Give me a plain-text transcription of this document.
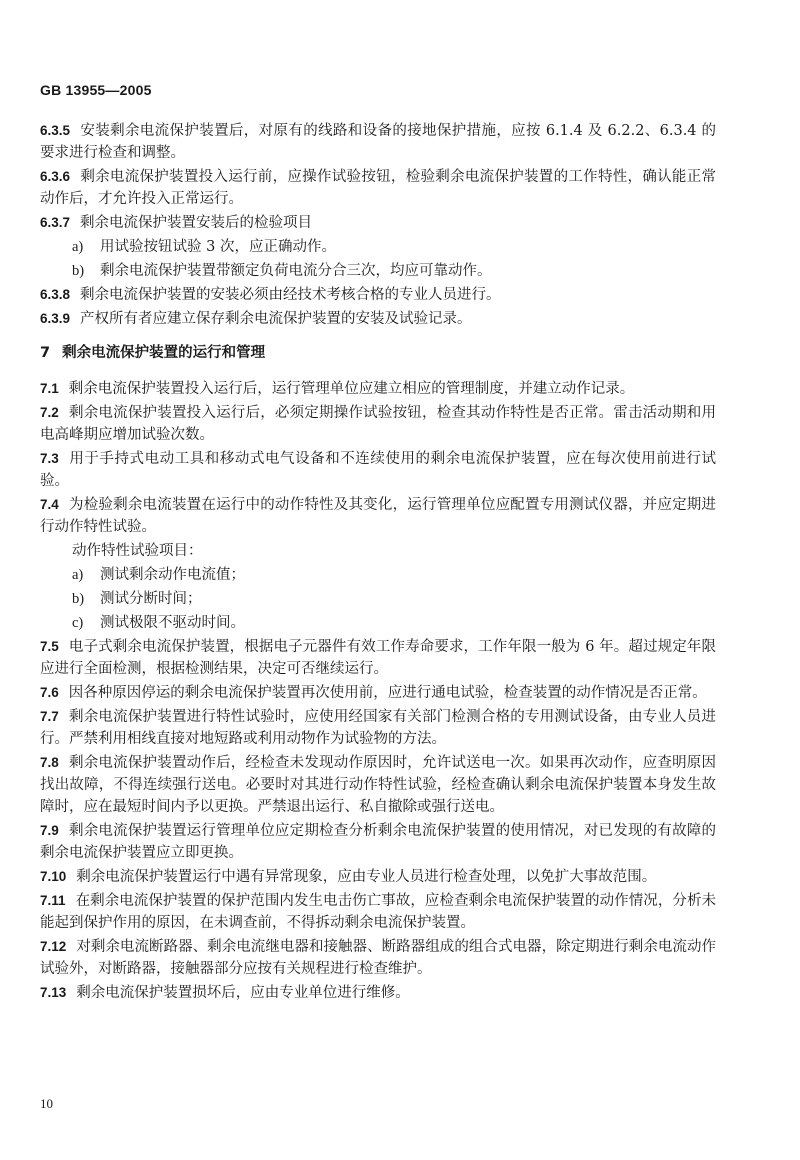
GB 13955—2005

6.3.5 安装剩余电流保护装置后，对原有的线路和设备的接地保护措施，应按 6.1.4 及 6.2.2、6.3.4 的要求进行检查和调整。

6.3.6 剩余电流保护装置投入运行前，应操作试验按钮，检验剩余电流保护装置的工作特性，确认能正常动作后，才允许投入正常运行。

6.3.7 剩余电流保护装置安装后的检验项目

a) 用试验按钮试验 3 次，应正确动作。
b) 剩余电流保护装置带额定负荷电流分合三次，均应可靠动作。

6.3.8 剩余电流保护装置的安装必须由经技术考核合格的专业人员进行。

6.3.9 产权所有者应建立保存剩余电流保护装置的安装及试验记录。

7 剩余电流保护装置的运行和管理

7.1 剩余电流保护装置投入运行后，运行管理单位应建立相应的管理制度，并建立动作记录。

7.2 剩余电流保护装置投入运行后，必须定期操作试验按钮，检查其动作特性是否正常。雷击活动期和用电高峰期应增加试验次数。

7.3 用于手持式电动工具和移动式电气设备和不连续使用的剩余电流保护装置，应在每次使用前进行试验。

7.4 为检验剩余电流装置在运行中的动作特性及其变化，运行管理单位应配置专用测试仪器，并应定期进行动作特性试验。

动作特性试验项目：
a) 测试剩余动作电流值；
b) 测试分断时间；
c) 测试极限不驱动时间。

7.5 电子式剩余电流保护装置，根据电子元器件有效工作寿命要求，工作年限一般为 6 年。超过规定年限应进行全面检测，根据检测结果，决定可否继续运行。

7.6 因各种原因停运的剩余电流保护装置再次使用前，应进行通电试验，检查装置的动作情况是否正常。

7.7 剩余电流保护装置进行特性试验时，应使用经国家有关部门检测合格的专用测试设备，由专业人员进行。严禁利用相线直接对地短路或利用动物作为试验物的方法。

7.8 剩余电流保护装置动作后，经检查未发现动作原因时，允许试送电一次。如果再次动作，应查明原因找出故障，不得连续强行送电。必要时对其进行动作特性试验，经检查确认剩余电流保护装置本身发生故障时，应在最短时间内予以更换。严禁退出运行、私自撤除或强行送电。

7.9 剩余电流保护装置运行管理单位应定期检查分析剩余电流保护装置的使用情况，对已发现的有故障的剩余电流保护装置应立即更换。

7.10 剩余电流保护装置运行中遇有异常现象，应由专业人员进行检查处理，以免扩大事故范围。

7.11 在剩余电流保护装置的保护范围内发生电击伤亡事故，应检查剩余电流保护装置的动作情况，分析未能起到保护作用的原因，在未调查前，不得拆动剩余电流保护装置。

7.12 对剩余电流断路器、剩余电流继电器和接触器、断路器组成的组合式电器，除定期进行剩余电流动作试验外，对断路器，接触器部分应按有关规程进行检查维护。

7.13 剩余电流保护装置损坏后，应由专业单位进行维修。

10
